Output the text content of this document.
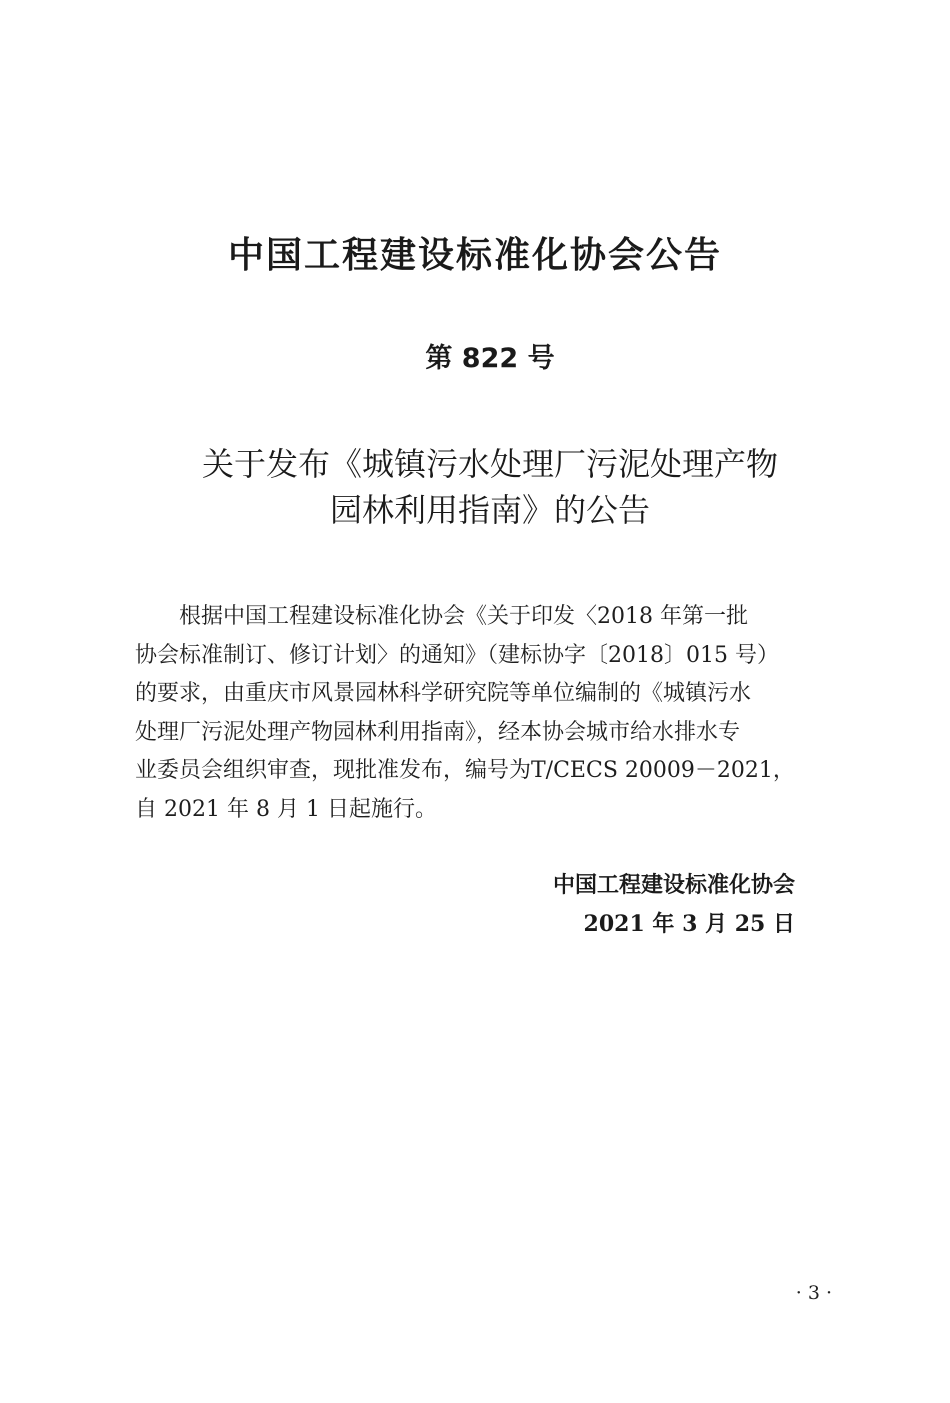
中国工程建设标准化协会公告
第 822 号
关于发布《城镇污水处理厂污泥处理产物
园林利用指南》的公告
根据中国工程建设标准化协会《关于印发〈2018 年第一批
协会标准制订、修订计划〉的通知》（建标协字〔2018〕015 号）
的要求，由重庆市风景园林科学研究院等单位编制的《城镇污水
处理厂污泥处理产物园林利用指南》，经本协会城市给水排水专
业委员会组织审查，现批准发布，编号为T/CECS 20009－2021，
自 2021 年 8 月 1 日起施行。
中国工程建设标准化协会
2021 年 3 月 25 日
· 3 ·
